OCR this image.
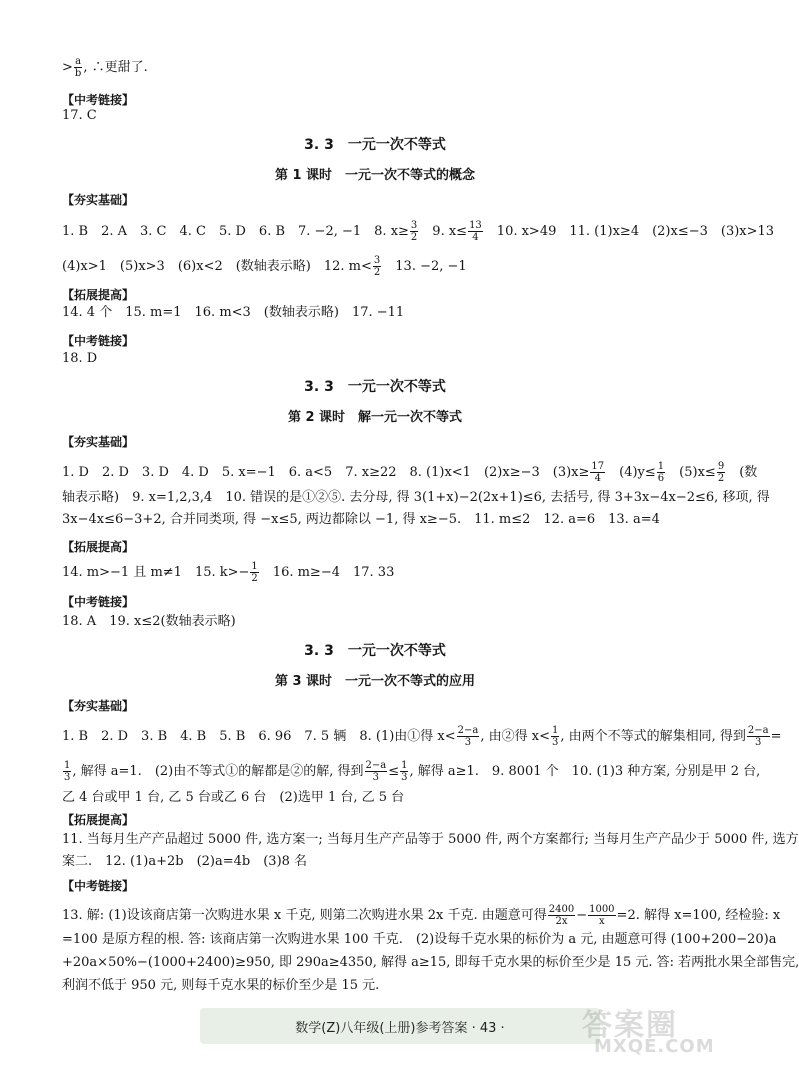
> $\frac{a}{b}$ , ∴更甜了.
【中考链接】
17. C
3. 3　一元一次不等式
第 1 课时　一元一次不等式的概念
【夯实基础】
1. B　2. A　3. C　4. C　5. D　6. B　7. −2, −1　8. $x\ge \frac{3}{2}$ 　9. $x\le \frac{13}{4}$ 　10. x>49　11. (1)x≥4　(2)x≤−3　(3)x>13
(4)x>1　(5)x>3　(6)x<2　(数轴表示略)　12. $m< \frac{3}{2}$ 　13. −2, −1
【拓展提高】
14. 4 个　15. m=1　16. m<3　(数轴表示略)　17. −11
【中考链接】
18. D
3. 3　一元一次不等式
第 2 课时　解一元一次不等式
【夯实基础】
1. D　2. D　3. D　4. D　5. x=−1　6. a<5　7. x≥22　8. (1)x<1　(2)x≥−3　$(3)x\ge \frac{17}{4}$ 　$(4)y\le \frac{1}{6}$ 　$(5)x\le \frac{9}{2}$ 　(数
轴表示略)　9. x=1,2,3,4　10. 错误的是①②⑤. 去分母, 得 3(1+x)−2(2x+1)≤6, 去括号, 得 3+3x−4x−2≤6, 移项, 得
3x−4x≤6−3+2, 合并同类项, 得 −x≤5, 两边都除以 −1, 得 x≥−5.　11. m≤2　12. a=6　13. a=4
【拓展提高】
14. m>−1 且 m≠1　15. $k>- \frac{1}{2}$ 　16. m≥−4　17. 33
【中考链接】
18. A　19. x≤2(数轴表示略)
3. 3　一元一次不等式
第 3 课时　一元一次不等式的应用
【夯实基础】
1. B　2. D　3. B　4. B　5. B　6. 96　7. 5 辆　8. (1)由①得 $x< \frac{2-a}{3}$ , 由②得 $x< \frac{1}{3}$ , 由两个不等式的解集相同, 得到 $\frac{2-a}{3}$ =
$\frac{1}{3}$ , 解得 a=1.　(2)由不等式①的解都是②的解, 得到 $\frac{2-a}{3} \le \frac{1}{3}$ , 解得 a≥1.　9. 8001 个　10. (1)3 种方案, 分别是甲 2 台,
乙 4 台或甲 1 台, 乙 5 台或乙 6 台　(2)选甲 1 台, 乙 5 台
【拓展提高】
11. 当每月生产产品超过 5000 件, 选方案一; 当每月生产产品等于 5000 件, 两个方案都行; 当每月生产产品少于 5000 件, 选方
案二.　12. (1)a+2b　(2)a=4b　(3)8 名
【中考链接】
13. 解: (1)设该商店第一次购进水果 x 千克, 则第二次购进水果 2x 千克. 由题意可得 $\frac{2400}{2x} - \frac{1000}{x} =2$. 解得 x=100, 经检验: x
=100 是原方程的根. 答: 该商店第一次购进水果 100 千克.　(2)设每千克水果的标价为 a 元, 由题意可得 (100+200−20)a
+20a×50%−(1000+2400)≥950, 即 290a≥4350, 解得 a≥15, 即每千克水果的标价至少是 15 元. 答: 若两批水果全部售完,
利润不低于 950 元, 则每千克水果的标价至少是 15 元.
数学(Z)八年级(上册)参考答案 · 43 ·	答案圈
MXQE.COM
